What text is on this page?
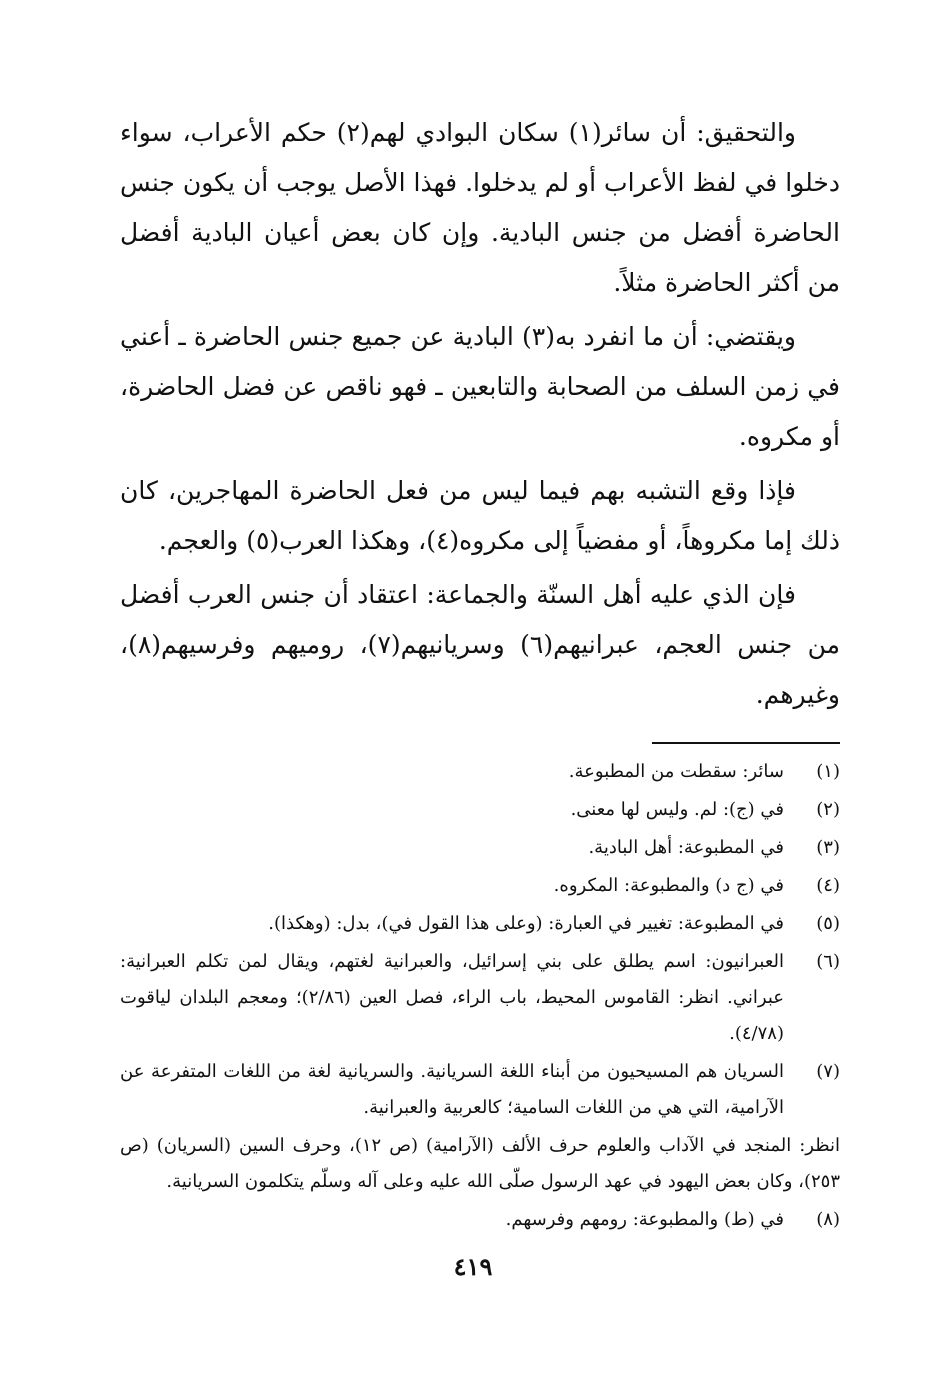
والتحقيق: أن سائر(١) سكان البوادي لهم(٢) حكم الأعراب، سواء دخلوا في لفظ الأعراب أو لم يدخلوا. فهذا الأصل يوجب أن يكون جنس الحاضرة أفضل من جنس البادية. وإن كان بعض أعيان البادية أفضل من أكثر الحاضرة مثلاً.

ويقتضي: أن ما انفرد به(٣) البادية عن جميع جنس الحاضرة ـ أعني في زمن السلف من الصحابة والتابعين ـ فهو ناقص عن فضل الحاضرة، أو مكروه.

فإذا وقع التشبه بهم فيما ليس من فعل الحاضرة المهاجرين، كان ذلك إما مكروهاً، أو مفضياً إلى مكروه(٤)، وهكذا العرب(٥) والعجم.

فإن الذي عليه أهل السنّة والجماعة: اعتقاد أن جنس العرب أفضل من جنس العجم، عبرانيهم(٦) وسريانيهم(٧)، روميهم وفرسيهم(٨)، وغيرهم.

(١)
سائر: سقطت من المطبوعة.
(٢)
في (ج): لم. وليس لها معنى.
(٣)
في المطبوعة: أهل البادية.
(٤)
في (ج د) والمطبوعة: المكروه.
(٥)
في المطبوعة: تغيير في العبارة: (وعلى هذا القول في)، بدل: (وهكذا).
(٦)
العبرانيون: اسم يطلق على بني إسرائيل، والعبرانية لغتهم، ويقال لمن تكلم العبرانية: عبراني. انظر: القاموس المحيط، باب الراء، فصل العين (٢/٨٦)؛ ومعجم البلدان لياقوت (٤/٧٨).
(٧)
السريان هم المسيحيون من أبناء اللغة السريانية. والسريانية لغة من اللغات المتفرعة عن الآرامية، التي هي من اللغات السامية؛ كالعربية والعبرانية.

انظر: المنجد في الآداب والعلوم حرف الألف (الآرامية) (ص ١٢)، وحرف السين (السريان) (ص ٢٥٣)، وكان بعض اليهود في عهد الرسول صلّى الله عليه وعلى آله وسلّم يتكلمون السريانية.

(٨)
في (ط) والمطبوعة: رومهم وفرسهم.
٤١٩
